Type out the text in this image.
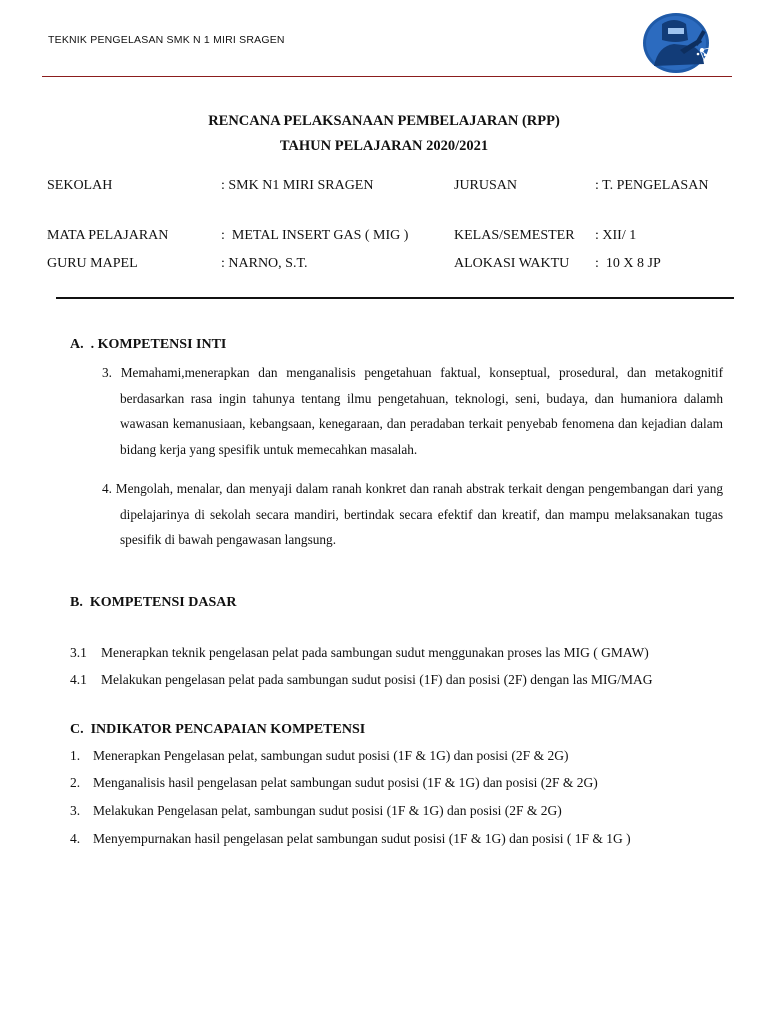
TEKNIK PENGELASAN SMK N 1 MIRI SRAGEN
RENCANA PELAKSANAAN PEMBELAJARAN (RPP)
TAHUN PELAJARAN 2020/2021
SEKOLAH	: SMK N1 MIRI SRAGEN	JURUSAN	: T. PENGELASAN
MATA PELAJARAN	:  METAL INSERT GAS ( MIG )	KELAS/SEMESTER : XII/ 1
GURU MAPEL	: NARNO, S.T.	ALOKASI WAKTU :  10 X 8 JP
A.  . KOMPETENSI INTI
3. Memahami,menerapkan dan menganalisis pengetahuan faktual, konseptual, prosedural, dan metakognitif berdasarkan rasa ingin tahunya tentang ilmu pengetahuan, teknologi, seni, budaya, dan humaniora dalamh wawasan kemanusiaan, kebangsaan, kenegaraan, dan peradaban terkait penyebab fenomena dan kejadian dalam bidang kerja yang spesifik untuk memecahkan masalah.
4. Mengolah, menalar, dan menyaji dalam ranah konkret dan ranah abstrak terkait dengan pengembangan dari yang dipelajarinya di sekolah secara mandiri, bertindak secara efektif dan kreatif, dan mampu melaksanakan tugas spesifik di bawah pengawasan langsung.
B.  KOMPETENSI DASAR
3.1 Menerapkan teknik pengelasan pelat pada sambungan sudut menggunakan proses las MIG ( GMAW)
4.1 Melakukan pengelasan pelat pada sambungan sudut posisi (1F) dan posisi (2F) dengan las MIG/MAG
C.  INDIKATOR PENCAPAIAN KOMPETENSI
1. Menerapkan Pengelasan pelat, sambungan sudut posisi (1F & 1G) dan posisi (2F & 2G)
2. Menganalisis hasil pengelasan pelat sambungan sudut posisi (1F & 1G) dan posisi (2F & 2G)
3. Melakukan Pengelasan pelat, sambungan sudut posisi (1F & 1G) dan posisi (2F & 2G)
4. Menyempurnakan hasil pengelasan pelat sambungan sudut posisi (1F & 1G) dan posisi ( 1F & 1G )
